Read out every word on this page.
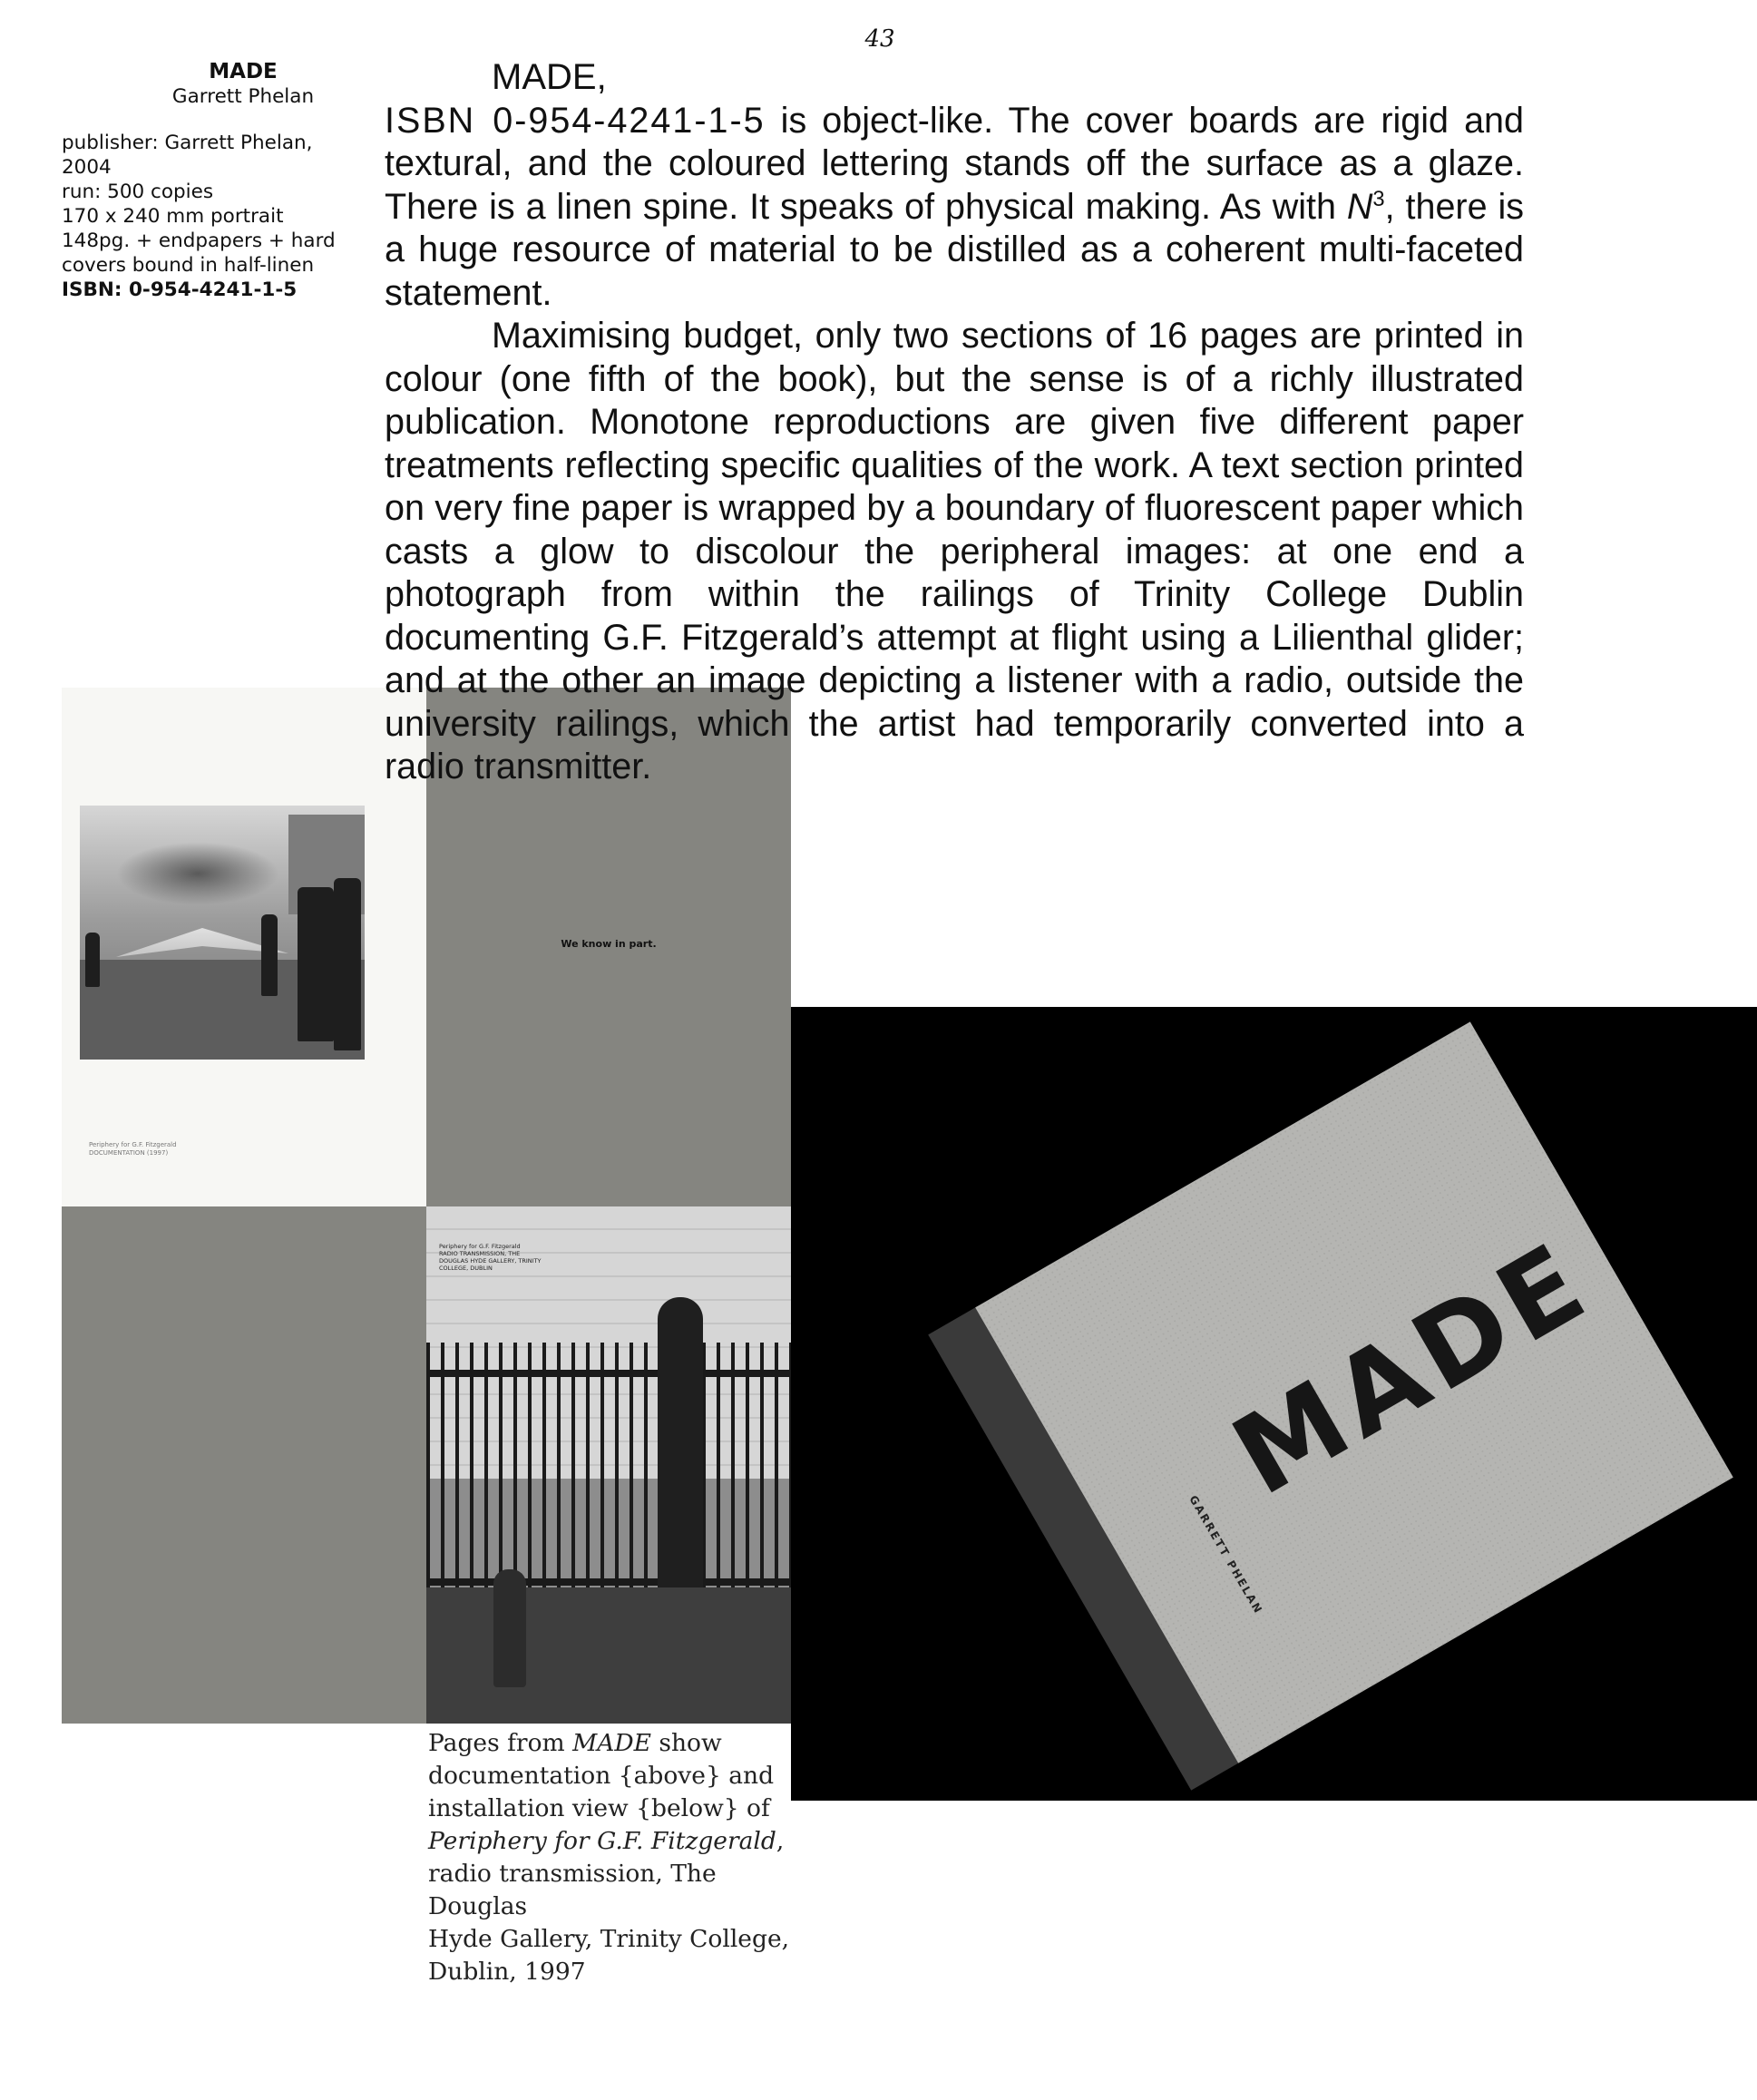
43
MADE
Garrett Phelan
publisher: Garrett Phelan,
2004
run: 500 copies
170 x 240 mm portrait
148pg. + endpapers + hard
covers bound in half-linen
ISBN: 0-954-4241-1-5
MADE,

ISBN 0-954-4241-1-5 is object-like. The cover boards are rigid and textural, and the coloured lettering stands off the surface as a glaze. There is a linen spine. It speaks of physical making. As with $N^3$, there is a huge resource of material to be distilled as a coherent multi-faceted statement.

Maximising budget, only two sections of 16 pages are printed in colour (one fifth of the book), but the sense is of a richly illustrated publication. Monotone reproductions are given five different paper treatments reflecting specific qualities of the work. A text section printed on very fine paper is wrapped by a boundary of fluorescent paper which casts a glow to discolour the peripheral images: at one end a photograph from within the railings of Trinity College Dublin documenting G.F. Fitzgerald’s attempt at flight using a Lilienthal glider; and at the other an image depicting a listener with a radio, outside the university railings, which the artist had temporarily converted into a radio transmitter.

Periphery for G.F. Fitzgerald
DOCUMENTATION (1997)
We know in part.
Periphery for G.F. Fitzgerald
RADIO TRANSMISSION, THE
DOUGLAS HYDE GALLERY, TRINITY
COLLEGE, DUBLIN
GARRETT PHELAN
MADE
Pages from MADE show
documentation {above} and
installation view {below} of
Periphery for G.F. Fitzgerald,
radio transmission, The Douglas
Hyde Gallery, Trinity College,
Dublin, 1997
